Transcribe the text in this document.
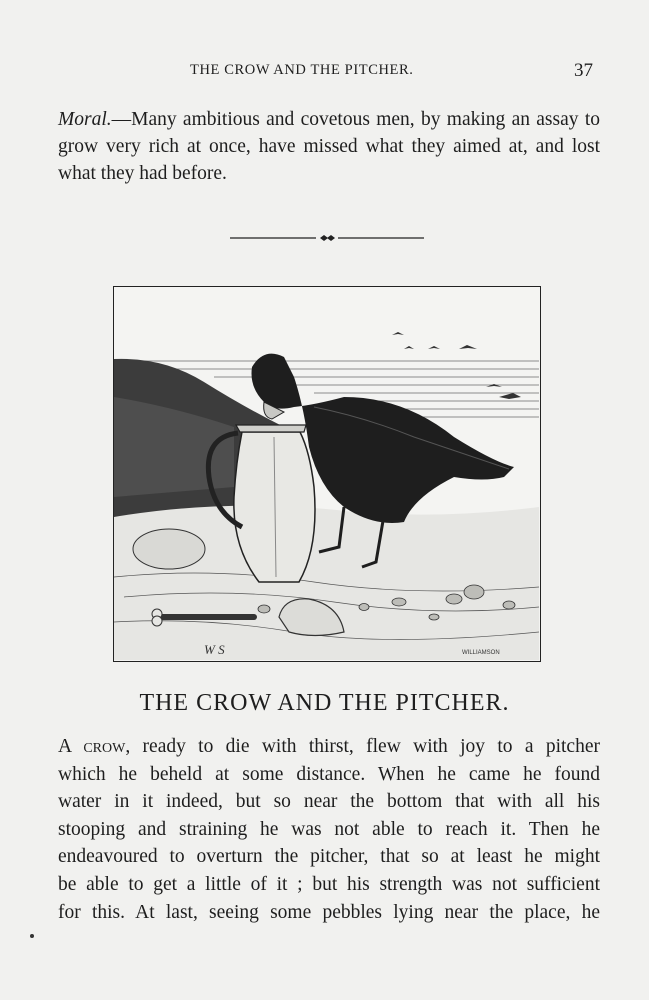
THE CROW AND THE PITCHER.	37
Moral.—Many ambitious and covetous men, by making an assay to grow very rich at once, have missed what they aimed at, and lost what they had before.
W S	WILLIAMSON
THE CROW AND THE PITCHER.
A crow, ready to die with thirst, flew with joy to a pitcher
which he beheld at some distance. When he came he found
water in it indeed, but so near the bottom that with all his
stooping and straining he was not able to reach it. Then he
endeavoured to overturn the pitcher, that so at least he might
be able to get a little of it ; but his strength was not sufficient
for this. At last, seeing some pebbles lying near the place, he
